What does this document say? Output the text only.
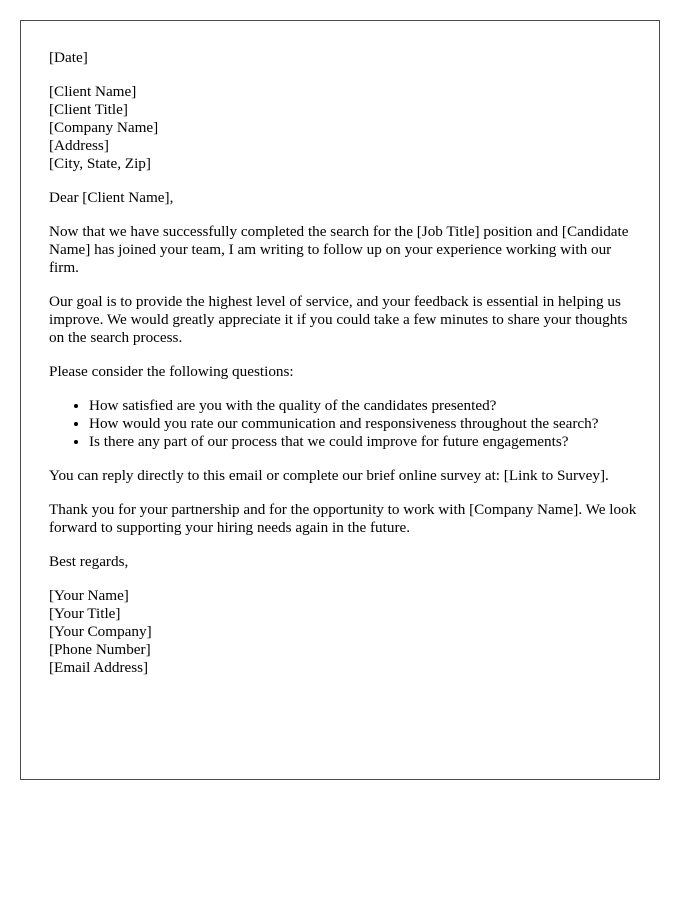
[Date]
[Client Name]
[Client Title]
[Company Name]
[Address]
[City, State, Zip]

Dear [Client Name],

Now that we have successfully completed the search for the [Job Title] position and [Candidate Name] has joined your team, I am writing to follow up on your experience working with our firm.

Our goal is to provide the highest level of service, and your feedback is essential in helping us improve. We would greatly appreciate it if you could take a few minutes to share your thoughts on the search process.

Please consider the following questions:

• How satisfied are you with the quality of the candidates presented?
• How would you rate our communication and responsiveness throughout the search?
• Is there any part of our process that we could improve for future engagements?

You can reply directly to this email or complete our brief online survey at: [Link to Survey].

Thank you for your partnership and for the opportunity to work with [Company Name]. We look forward to supporting your hiring needs again in the future.

Best regards,

[Your Name]
[Your Title]
[Your Company]
[Phone Number]
[Email Address]
